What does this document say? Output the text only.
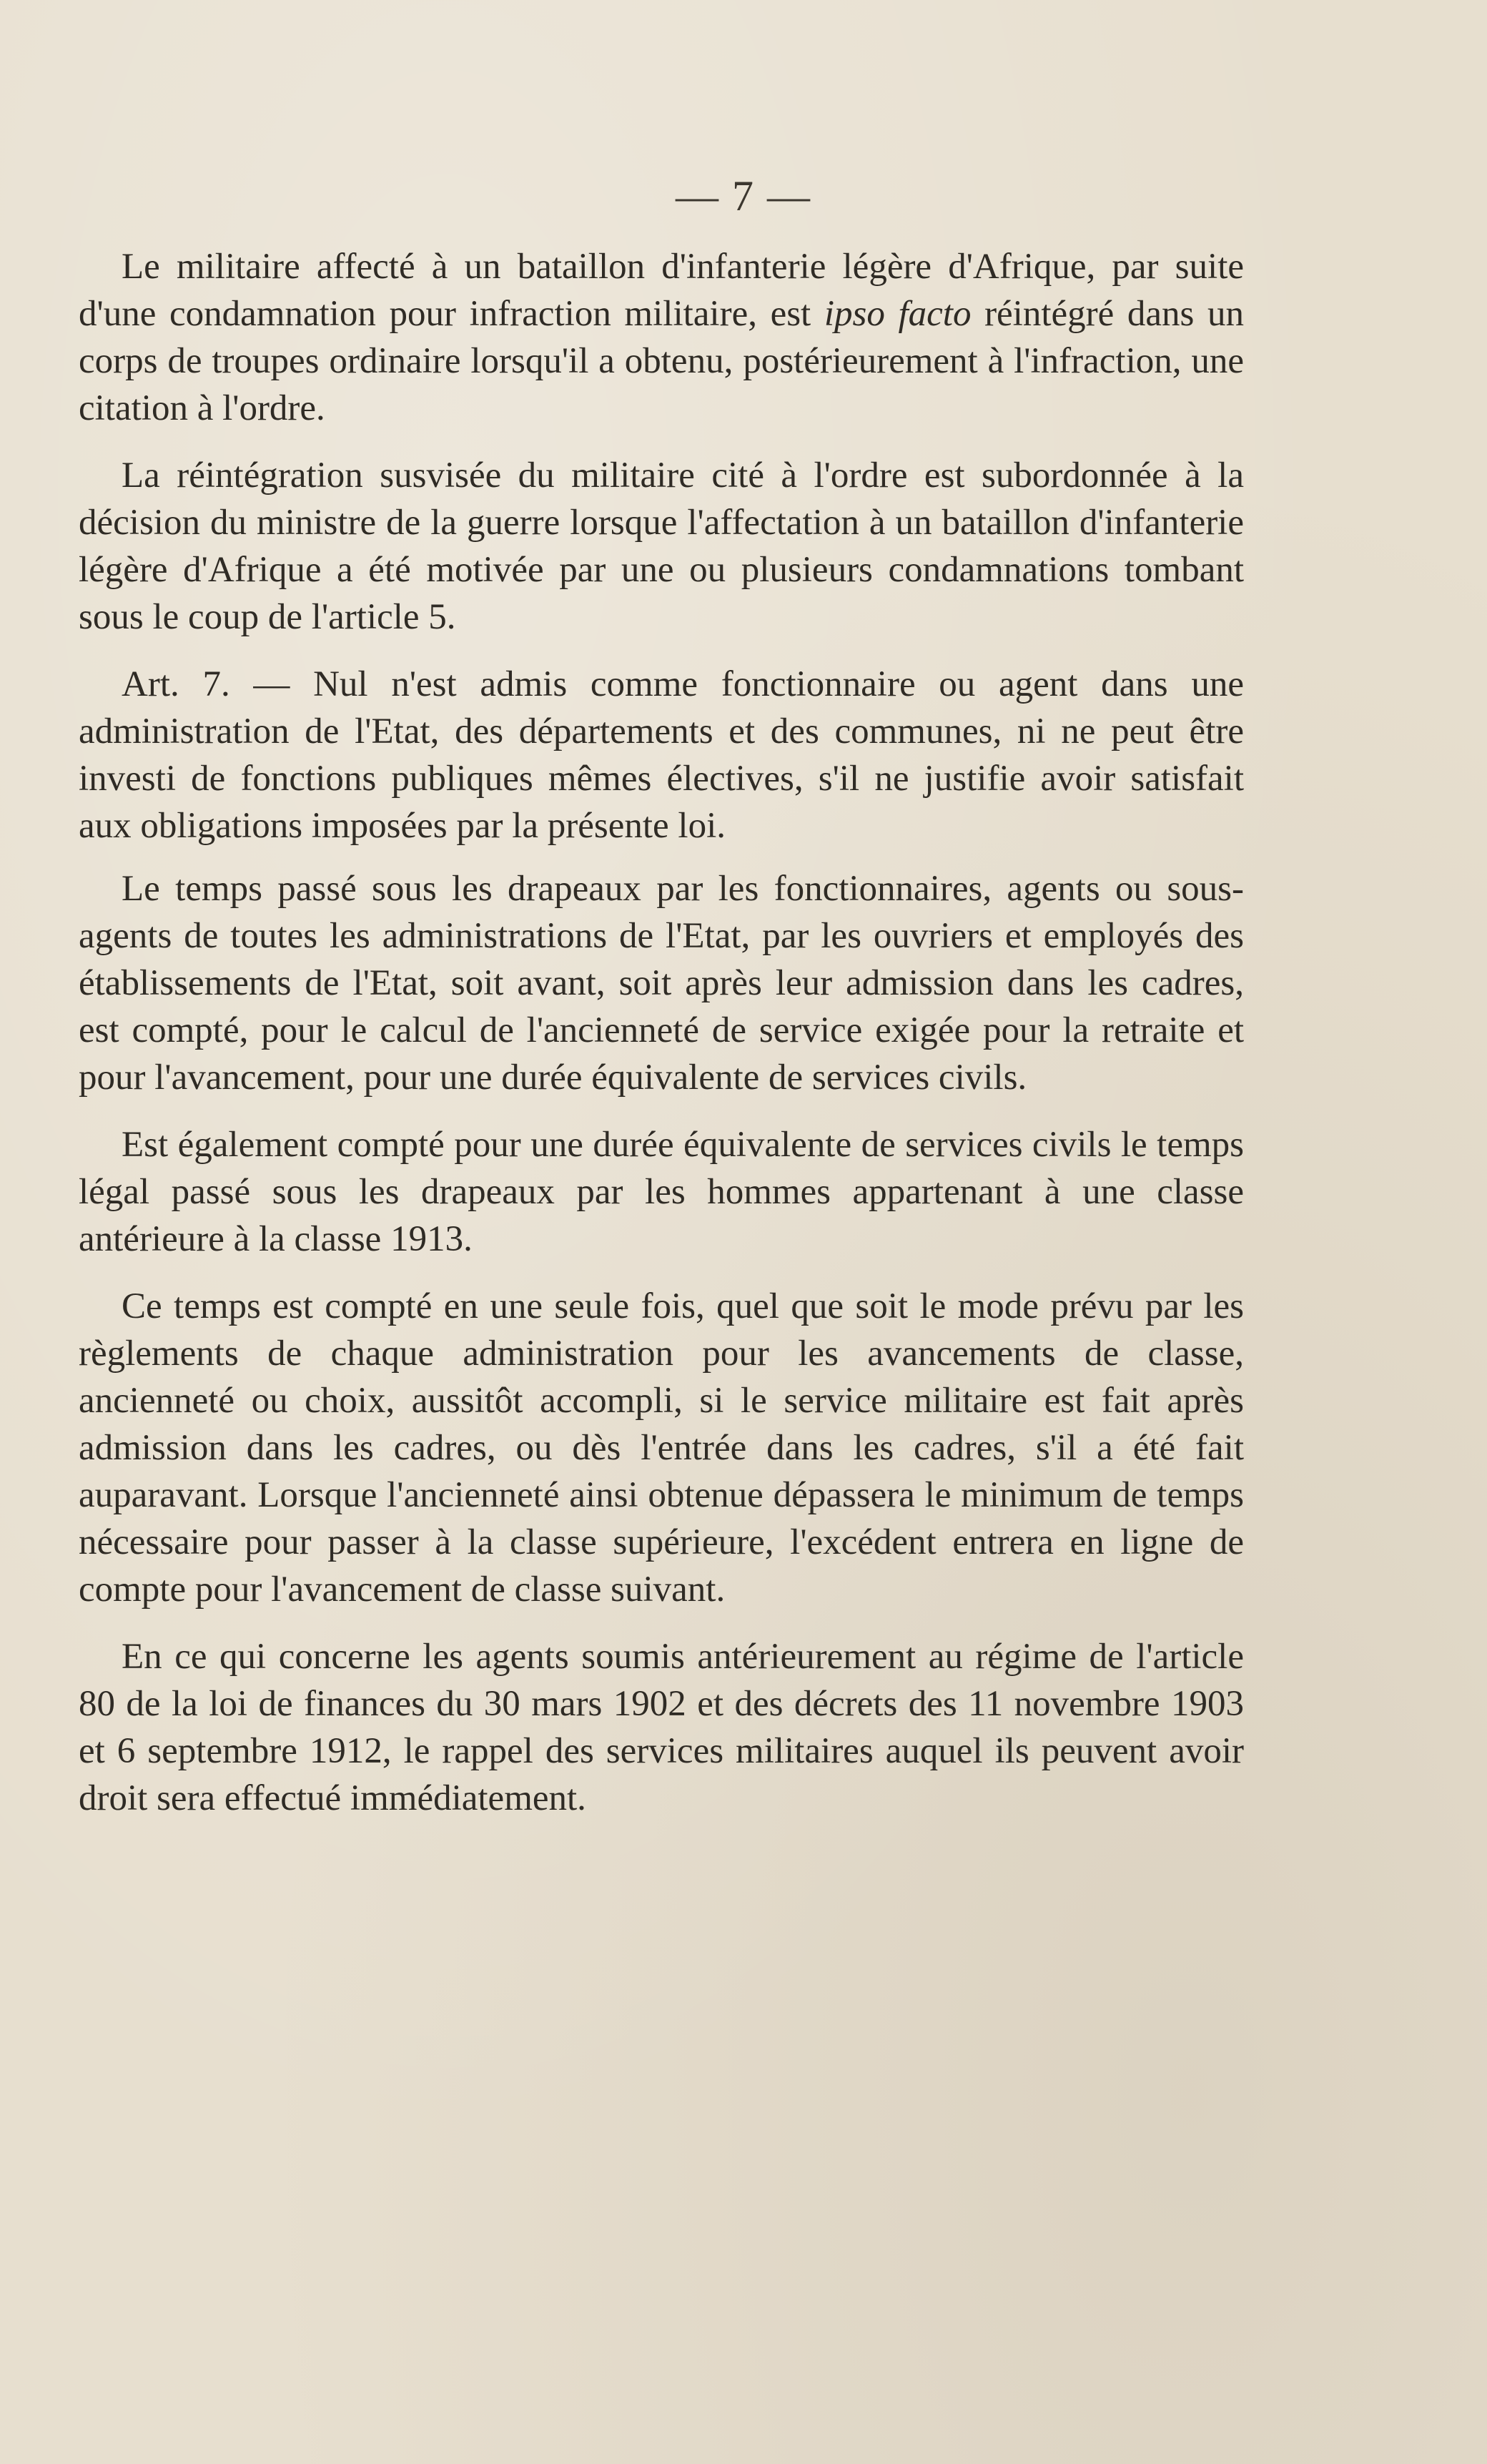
— 7 —

Le militaire affecté à un bataillon d'infanterie légère d'Afrique, par suite d'une condamnation pour infraction militaire, est ipso facto réintégré dans un corps de troupes ordinaire lorsqu'il a obtenu, postérieurement à l'infraction, une citation à l'ordre.

La réintégration susvisée du militaire cité à l'ordre est subordonnée à la décision du ministre de la guerre lorsque l'affectation à un bataillon d'infanterie légère d'Afrique a été motivée par une ou plusieurs condamnations tombant sous le coup de l'article 5.

Art. 7. — Nul n'est admis comme fonctionnaire ou agent dans une administration de l'Etat, des départements et des communes, ni ne peut être investi de fonctions publiques mêmes électives, s'il ne justifie avoir satisfait aux obligations imposées par la présente loi.

Le temps passé sous les drapeaux par les fonctionnaires, agents ou sous-agents de toutes les administrations de l'Etat, par les ouvriers et employés des établissements de l'Etat, soit avant, soit après leur admission dans les cadres, est compté, pour le calcul de l'ancienneté de service exigée pour la retraite et pour l'avancement, pour une durée équivalente de services civils.

Est également compté pour une durée équivalente de services civils le temps légal passé sous les drapeaux par les hommes appartenant à une classe antérieure à la classe 1913.

Ce temps est compté en une seule fois, quel que soit le mode prévu par les règlements de chaque administration pour les avancements de classe, ancienneté ou choix, aussitôt accompli, si le service militaire est fait après admission dans les cadres, ou dès l'entrée dans les cadres, s'il a été fait auparavant. Lorsque l'ancienneté ainsi obtenue dépassera le minimum de temps nécessaire pour passer à la classe supérieure, l'excédent entrera en ligne de compte pour l'avancement de classe suivant.

En ce qui concerne les agents soumis antérieurement au régime de l'article 80 de la loi de finances du 30 mars 1902 et des décrets des 11 novembre 1903 et 6 septembre 1912, le rappel des services militaires auquel ils peuvent avoir droit sera effectué immédiatement.
